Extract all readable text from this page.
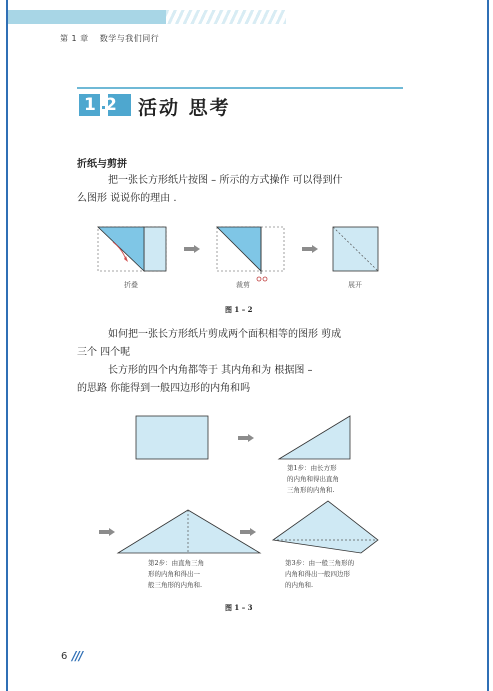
第 1 章 数学与我们同行
1 2 活动 思考
折纸与剪拼
把一张长方形纸片按图 – 所示的方式操作 可以得到什
么图形 说说你的理由 .
折叠	裁剪	展开
图 1 – 2
如何把一张长方形纸片剪成两个面积相等的图形 剪成
三个 四个呢
长方形的四个内角都等于 其内角和为 根据图 –
的思路 你能得到一般四边形的内角和吗
第1步：由长方形
的内角和得出直角
三角形的内角和.
第2步：由直角三角
形的内角和得出一
般三角形的内角和.
第3步：由一般三角形的
内角和得出一般四边形
的内角和.
图 1 – 3
6 ///
